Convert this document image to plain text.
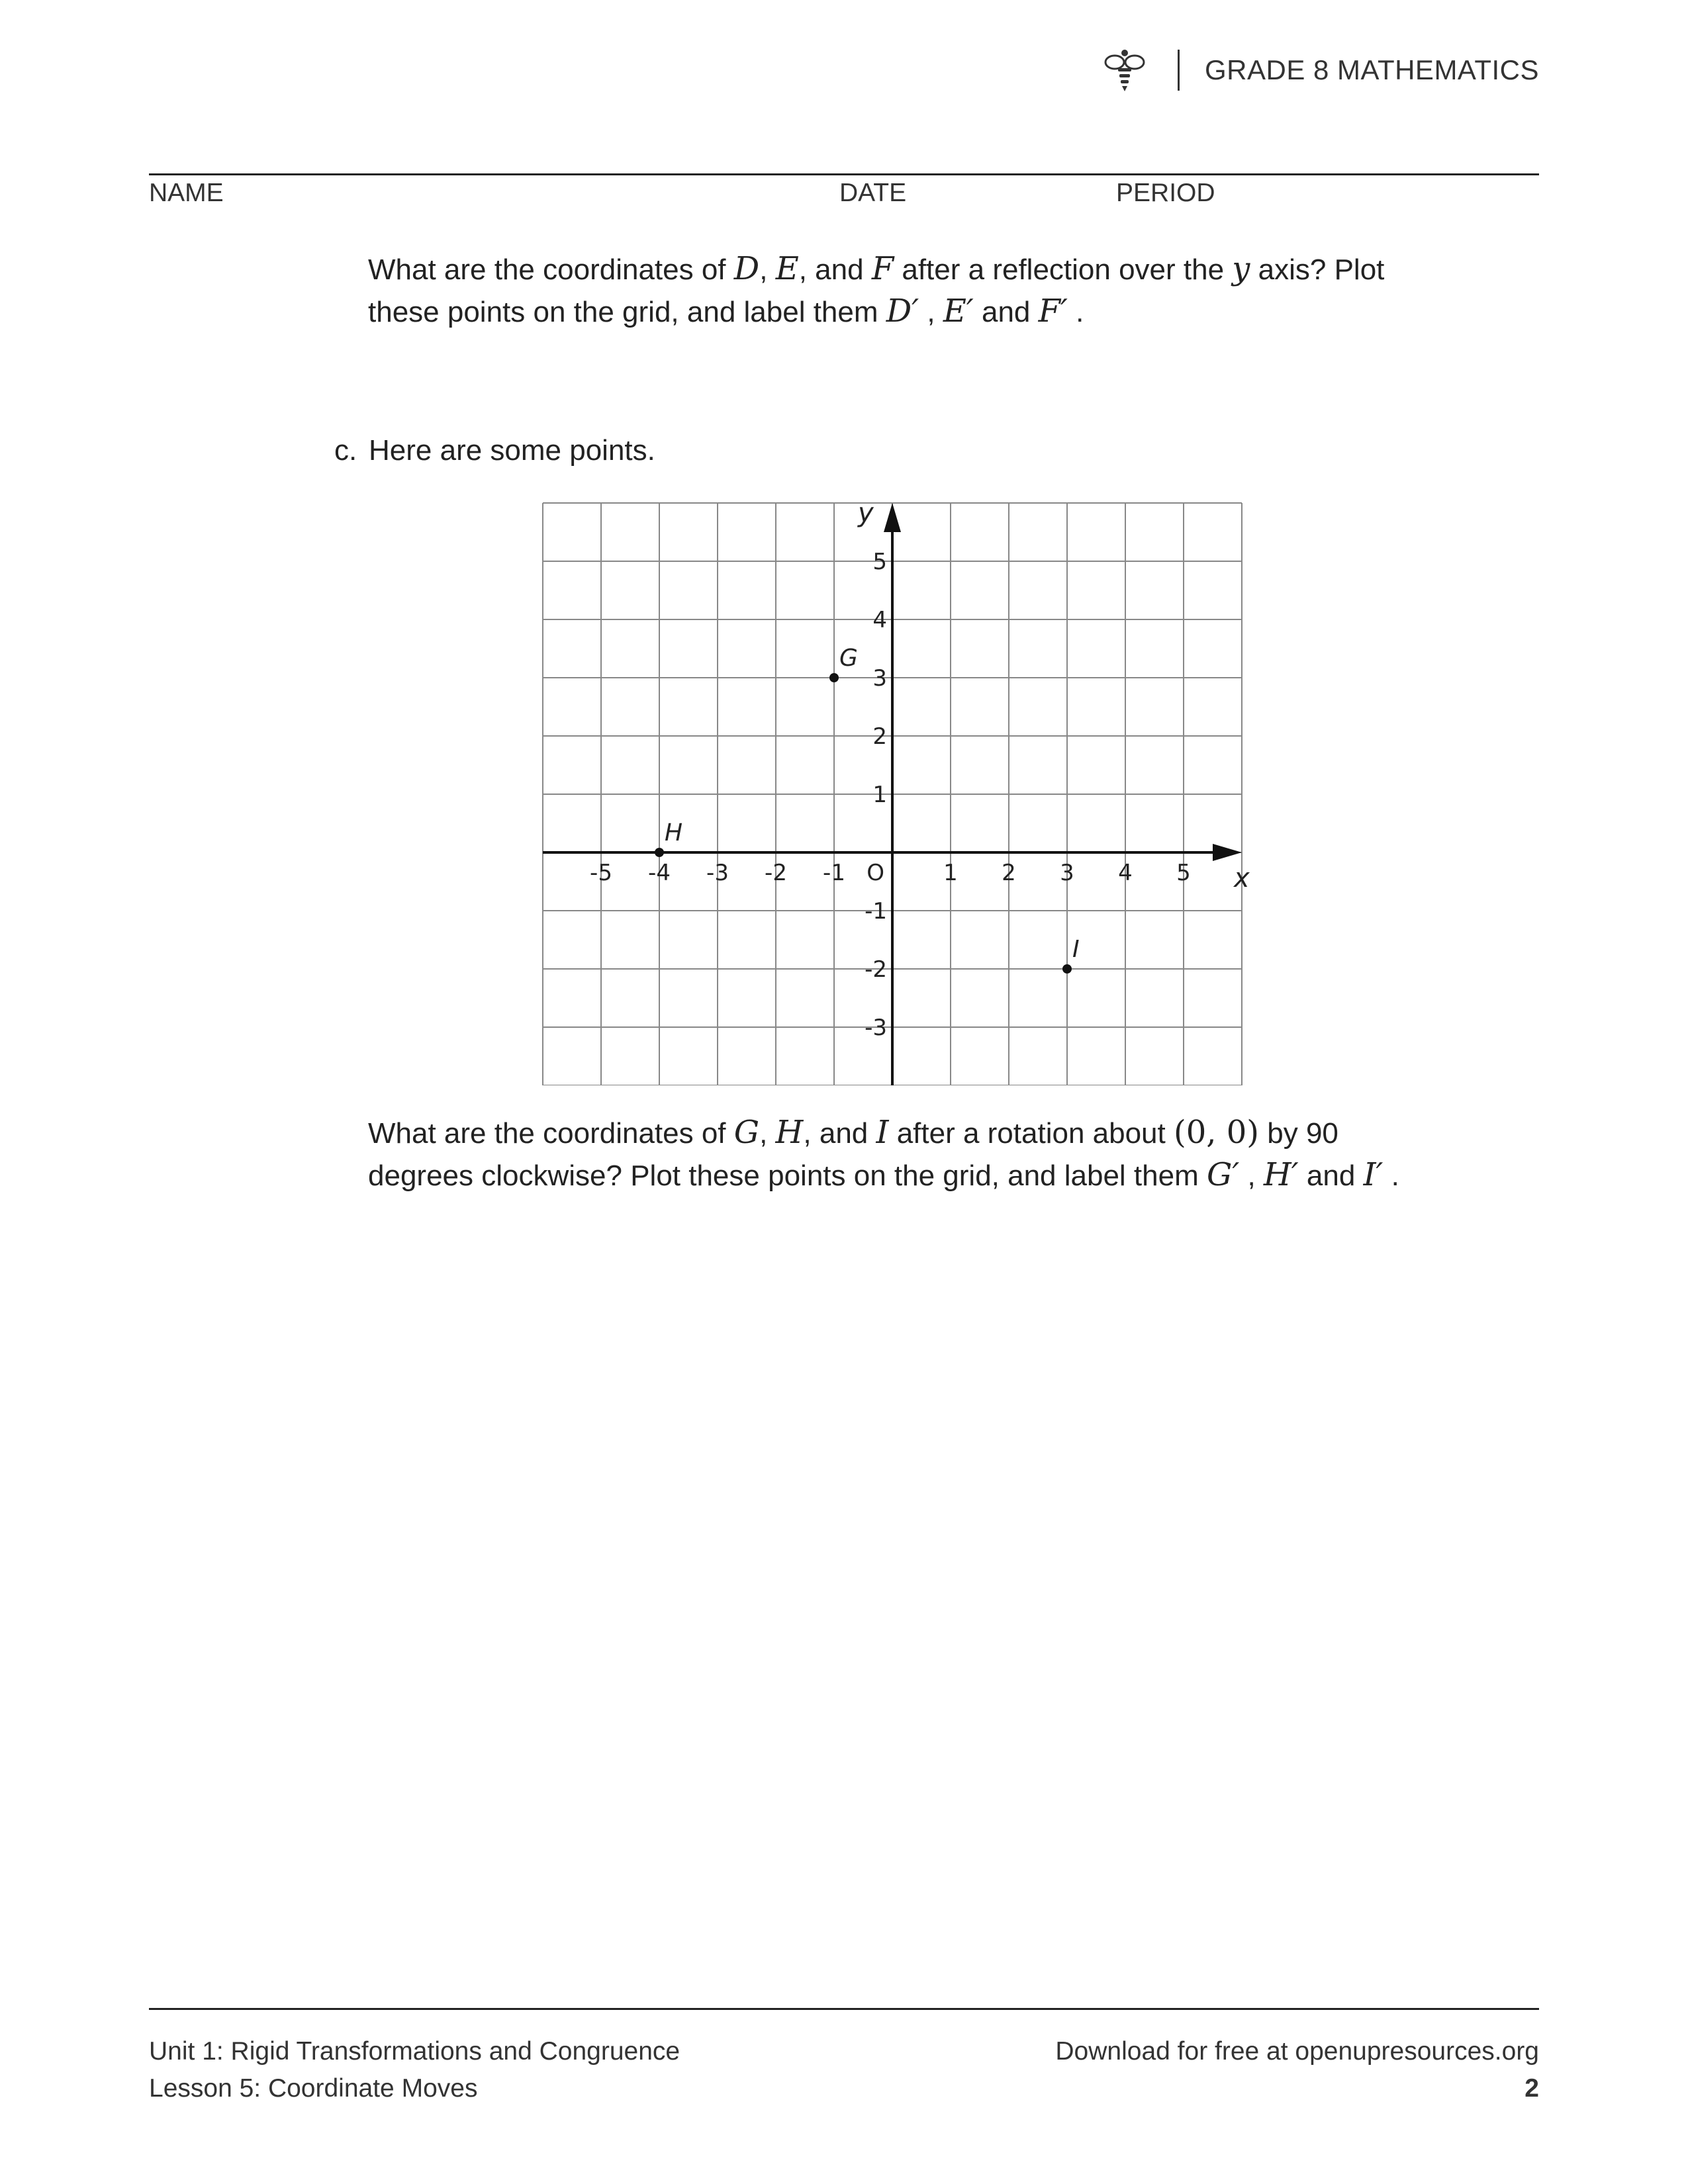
GRADE 8 MATHEMATICS
NAME	DATE	PERIOD
What are the coordinates of D, E, and F after a reflection over the y axis? Plot
these points on the grid, and label them D′ , E′ and F′ .
c. Here are some points.
x
y
-5 -4 -3 -2 -1	1 2 3 4 5
5
4
3
2
1
-1
-2
-3
O
G
H
I
What are the coordinates of G, H, and I after a rotation about (0, 0) by 90
degrees clockwise? Plot these points on the grid, and label them G′ , H′ and I′ .
Unit 1: Rigid Transformations and Congruence
Lesson 5: Coordinate Moves
Download for free at openupresources.org
2
